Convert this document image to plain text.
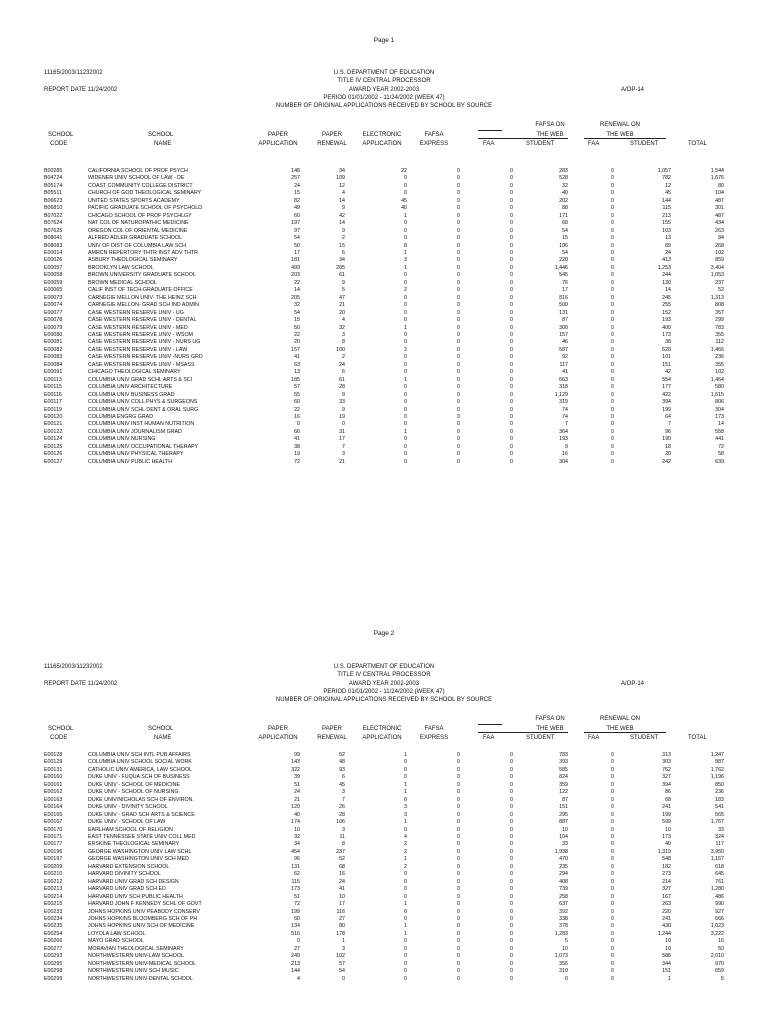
Page 1
11165/2003/11232002	U.S. DEPARTMENT OF EDUCATION
TITLE IV CENTRAL PROCESSOR
REPORT DATE 11/24/2002	AWARD YEAR 2002-2003	A/OP-14
PERIOD 01/01/2002 - 11/24/2002 (WEEK 47)
NUMBER OF ORIGINAL APPLICATIONS RECEIVED BY SCHOOL BY SOURCE
FAFSA ON	RENEWAL ON
SCHOOL	SCHOOL	PAPER	PAPER	ELECTRONIC	FAFSA	THE WEB	THE WEB
CODE	NAME	APPLICATION	RENEWAL	APPLICATION	EXPRESS	FAA	STUDENT	FAA	STUDENT	TOTAL
B00285	CALIFORNIA SCHOOL OF PROF PSYCH	148	34	22	0	0	283	0	1,057	1,544
B04724	WIDENER UNIV SCHOOL OF LAW - DE	257	109	0	0	0	528	0	782	1,676
B05174	COAST COMMUNITY COLLEGE DISTRICT	24	12	0	0	0	32	0	12	80
B05511	CHURCH OF GOD THEOLOGICAL SEMINARY	15	4	0	0	0	40	0	45	104
B06623	UNITED STATES SPORTS ACADEMY	82	14	45	0	0	202	0	144	487
B06810	PACIFIC GRADUATE SCHOOL OF PSYCHOLO	49	9	40	0	0	88	0	115	301
B07022	CHICAGO SCHOOL OF PROF PSYCHLGY	60	42	1	0	0	171	0	213	487
B07624	NAT COL OF NATUROPATHIC MEDICINE	197	14	0	0	0	68	0	155	434
B07625	OREGON COL OF ORIENTAL MEDICINE	97	9	0	0	0	54	0	103	263
B08041	ALFRED ADLER GRADUATE SCHOOL	54	2	0	0	0	15	0	13	84
B08083	UNIV OF DIST OF COLUMBIA LAW SCH	50	15	8	0	0	106	0	89	268
E00014	AMRCN REPERTORY THTR INST ADV THTR	17	6	1	0	0	54	0	24	102
E00026	ASBURY THEOLOGICAL SEMINARY	181	34	3	0	0	228	0	413	859
E00057	BROOKLYN LAW SCHOOL	499	205	1	0	0	1,446	0	1,253	3,404
E00058	BROWN UNIVERSITY GRADUATE SCHOOL	203	61	0	0	0	545	0	244	1,053
E00059	BROWN MEDICAL SCHOOL	22	9	0	0	0	76	0	130	237
E00065	CALIF INST OF TECH-GRADUATE OFFICE	14	5	2	0	0	17	0	14	52
E00073	CARNEGIE MELLON UNIV- THE HEINZ SCH	205	47	0	0	0	816	0	245	1,313
E00074	CARNEGIE MELLON- GRAD SCH IND ADMIN	32	21	0	0	0	500	0	255	808
E00077	CASE WESTERN RESERVE UNIV - UG	54	20	0	0	0	131	0	152	357
E00078	CASE WESTERN RESERVE UNIV - DENTAL	15	4	0	0	0	87	0	193	299
E00079	CASE WESTERN RESERVE UNIV - MED	50	32	1	0	0	300	0	400	783
E00080	CASE WESTERN RESERVE UNIV - WSOM	22	3	0	0	0	157	0	173	355
E00081	CASE WESTERN RESERVE UNIV - NURS UG	20	8	0	0	0	46	0	38	112
E00082	CASE WESTERN RESERVE UNIV - LAW	157	100	2	0	0	587	0	620	1,466
E00083	CASE WESTERN RESERVE UNIV -NURS GRD	41	2	0	0	0	92	0	101	236
E00084	CASE WESTERN RESERVE UNIV - MSASS	63	24	0	0	0	117	0	151	355
E00091	CHICAGO THEOLOGICAL SEMINARY	13	6	0	0	0	41	0	42	102
E00113	COLUMBIA UNIV GRAD SCHL ARTS & SCI	185	61	1	0	0	663	0	554	1,464
E00115	COLUMBIA UNIV ARCHITECTURE	57	28	0	0	0	318	0	177	580
E00116	COLUMBIA UNIV BUSINESS GRAD	55	9	0	0	0	1,129	0	422	1,615
E00117	COLUMBIA UNIV COLL PHYS & SURGEONS	60	33	0	0	0	319	0	394	806
E00119	COLUMBIA UNIV SCHL DENT & ORAL SURG	22	9	0	0	0	74	0	199	304
E00120	COLUMBIA ENGRG GRAD	16	19	0	0	0	74	0	64	173
E00121	COLUMBIA UNIV INST HUMAN NUTRITION	0	0	0	0	0	7	0	7	14
E00122	COLUMBIA UNIV JOURNALISM GRAD	66	31	1	0	0	364	0	96	558
E00124	COLUMBIA UNIV NURSING	41	17	0	0	0	193	0	190	441
E00125	COLUMBIA UNIV OCCUPATIONAL THERAPY	38	7	0	0	0	9	0	18	72
E00126	COLUMBIA UNIV PHYSICAL THERAPY	19	3	0	0	0	16	0	20	58
E00127	COLUMBIA UNIV PUBLIC HEALTH	72	21	0	0	0	304	0	242	639
Page 2
11165/2003/11232002	U.S. DEPARTMENT OF EDUCATION
TITLE IV CENTRAL PROCESSOR
REPORT DATE 11/24/2002	AWARD YEAR 2002-2003	A/OP-14
PERIOD 01/01/2002 - 11/24/2002 (WEEK 47)
NUMBER OF ORIGINAL APPLICATIONS RECEIVED BY SCHOOL BY SOURCE
FAFSA ON	RENEWAL ON
SCHOOL	SCHOOL	PAPER	PAPER	ELECTRONIC	FAFSA	THE WEB	THE WEB
CODE	NAME	APPLICATION	RENEWAL	APPLICATION	EXPRESS	FAA	STUDENT	FAA	STUDENT	TOTAL
E00128	COLUMBIA UNIV SCH INTL PUB AFFAIRS	99	52	1	0	0	783	0	313	1,247
E00129	COLUMBIA UNIV SCHOOL SOCIAL WORK	143	48	0	0	0	393	0	303	887
E00131	CATHOLIC UNIV AMERICA, LAW SCHOOL	322	93	0	0	0	585	0	762	1,762
E00160	DUKE UNIV - FUQUA SCH OF BUSINESS	39	6	0	0	0	824	0	327	1,196
E00161	DUKE UNIV - SCHOOL OF MEDICINE	51	45	1	0	0	359	0	394	850
E00162	DUKE UNIV - SCHOOL OF NURSING	24	3	1	0	0	122	0	86	236
E00163	DUKE UNIV/NICHOLAS SCH OF ENVIRON.	21	7	0	0	0	87	0	68	183
E00164	DUKE UNIV - DIVINITY SCHOOL	120	26	3	0	0	151	0	241	541
E00165	DUKE UNIV - GRAD SCH ARTS & SCIENCE	40	28	3	0	0	295	0	199	565
E00167	DUKE UNIV - SCHOOL OF LAW	174	106	1	0	0	887	0	599	1,767
E00170	EARLHAM SCHOOL OF RELIGION	10	3	0	0	0	10	0	10	33
E00171	EAST TENNESSEE STATE UNIV COLL MED	32	11	4	0	0	104	0	173	324
E00177	ERSKINE THEOLOGICAL SEMINARY	34	8	2	0	0	33	0	40	117
E00196	GEORGE WASHINGTON UNIV LAW SCHL	454	237	2	0	0	1,938	0	1,319	3,950
E00197	GEORGE WASHINGTON UNIV SCH MED	96	52	1	0	0	470	0	548	1,167
E00209	HARVARD EXTENSION SCHOOL	131	68	2	0	0	235	0	182	618
E00210	HARVARD DIVINITY SCHOOL	62	16	0	0	0	294	0	273	645
E00212	HARVARD UNIV GRAD SCH DESIGN	115	24	0	0	0	408	0	214	761
E00213	HARVARD UNIV GRAD SCH ED	173	41	0	0	0	739	0	327	1,280
E00214	HARVARD UNIV SCH PUBLIC HEALTH	51	10	0	0	0	258	0	167	486
E00215	HARVARD JOHN F KENNEDY SCHL OF GOVT	72	17	1	0	0	637	0	263	990
E00233	JOHNS HOPKINS UNIV PEABODY CONSERV	199	116	0	0	0	392	0	220	927
E00234	JOHNS HOPKINS BLOOMBERG SCH OF PH	60	27	0	0	0	338	0	241	666
E00235	JOHNS HOPKINS UNIV SCH OF MEDICINE	134	80	1	0	0	378	0	430	1,023
E00254	LOYOLA LAW SCHOOL	516	178	1	0	0	1,283	0	1,244	3,222
E00266	MAYO GRAD SCHOOL	0	1	0	0	0	5	0	10	16
E00277	MORAVIAN THEOLOGICAL SEMINARY	27	3	0	0	0	10	0	10	50
E00293	NORTHWESTERN UNIV-LAW SCHOOL	249	102	0	0	0	1,073	0	586	2,010
E00295	NORTHWESTERN UNIV-MEDICAL SCHOOL	213	57	0	0	0	356	0	344	970
E00298	NORTHWESTERN UNIV SCH MUSIC	144	54	0	0	0	310	0	151	659
E00299	NORTHWESTERN UNIV-DENTAL SCHOOL	4	0	0	0	0	0	0	1	5
